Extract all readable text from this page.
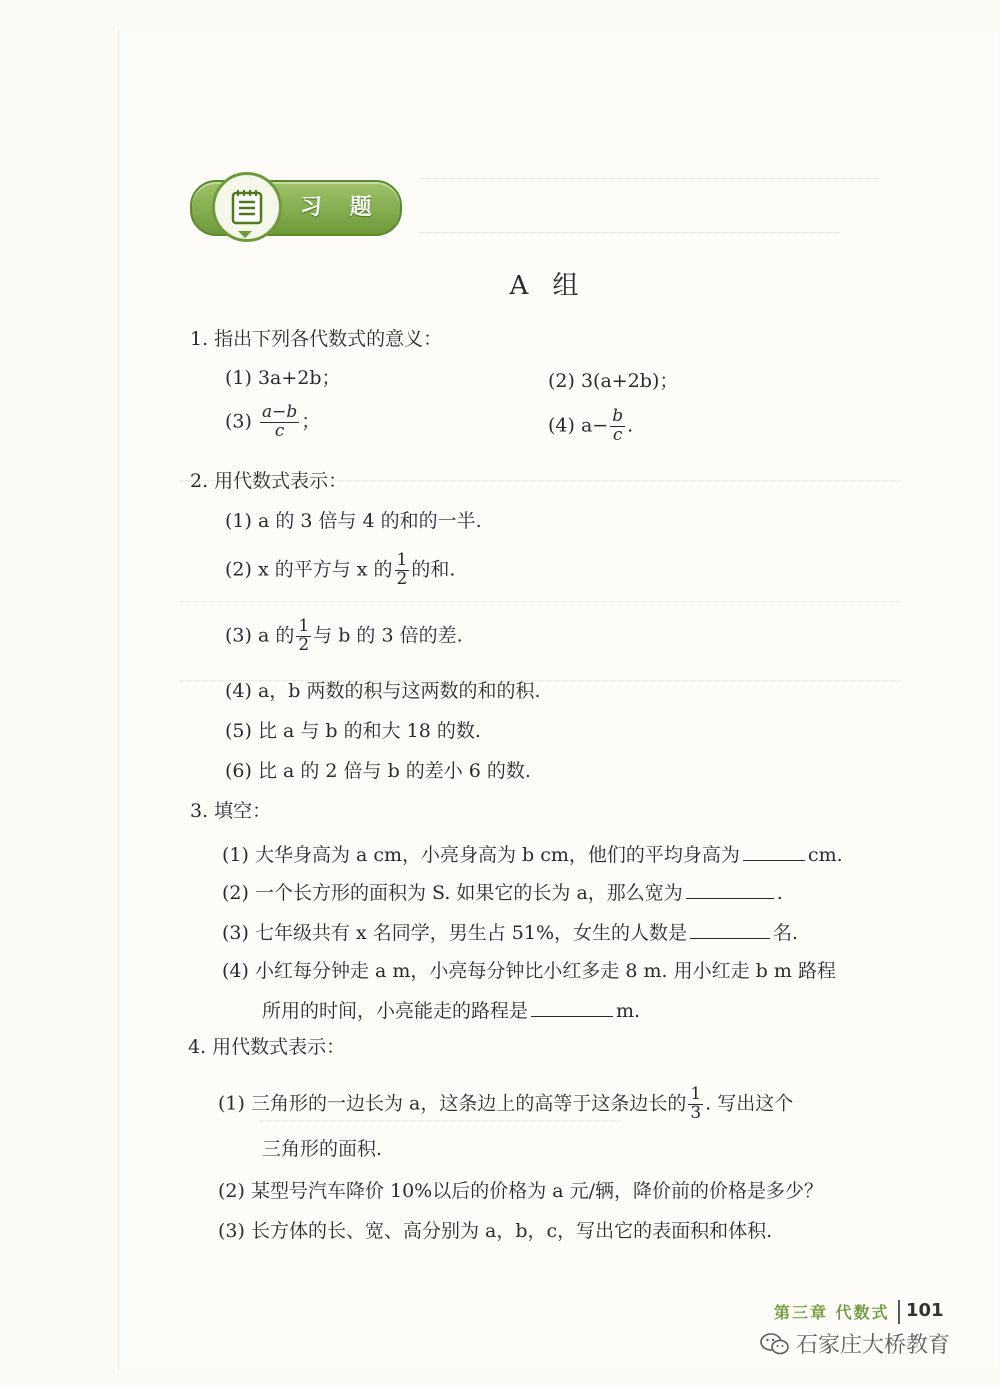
习 题
A 组
1. 指出下列各代数式的意义：
(1) 3a+2b；	(2) 3(a+2b)；
$(3) \frac{a-b}{c}$ ；	(4) $a- \frac{b}{c}$ .
2. 用代数式表示：
(1) a 的 3 倍与 4 的和的一半.
(2) x 的平方与 x 的 $\frac{1}{2}$ 的和.
(3) a 的 $\frac{1}{2}$ 与 b 的 3 倍的差.
(4) a，b 两数的积与这两数的和的积.
(5) 比 a 与 b 的和大 18 的数.
(6) 比 a 的 2 倍与 b 的差小 6 的数.
3. 填空：
(1) 大华身高为 a cm，小亮身高为 b cm，他们的平均身高为	cm.
(2) 一个长方形的面积为 S. 如果它的长为 a，那么宽为	.
(3) 七年级共有 x 名同学，男生占 51%，女生的人数是	名.
(4) 小红每分钟走 a m，小亮每分钟比小红多走 8 m. 用小红走 b m 路程
所用的时间，小亮能走的路程是	m.
4. 用代数式表示：
(1) 三角形的一边长为 a，这条边上的高等于这条边长的 $\frac{1}{3}$ . 写出这个
三角形的面积.
(2) 某型号汽车降价 10%以后的价格为 a 元/辆，降价前的价格是多少？
(3) 长方体的长、宽、高分别为 a，b，c，写出它的表面积和体积.
第三章 代数式 101
石家庄大桥教育
